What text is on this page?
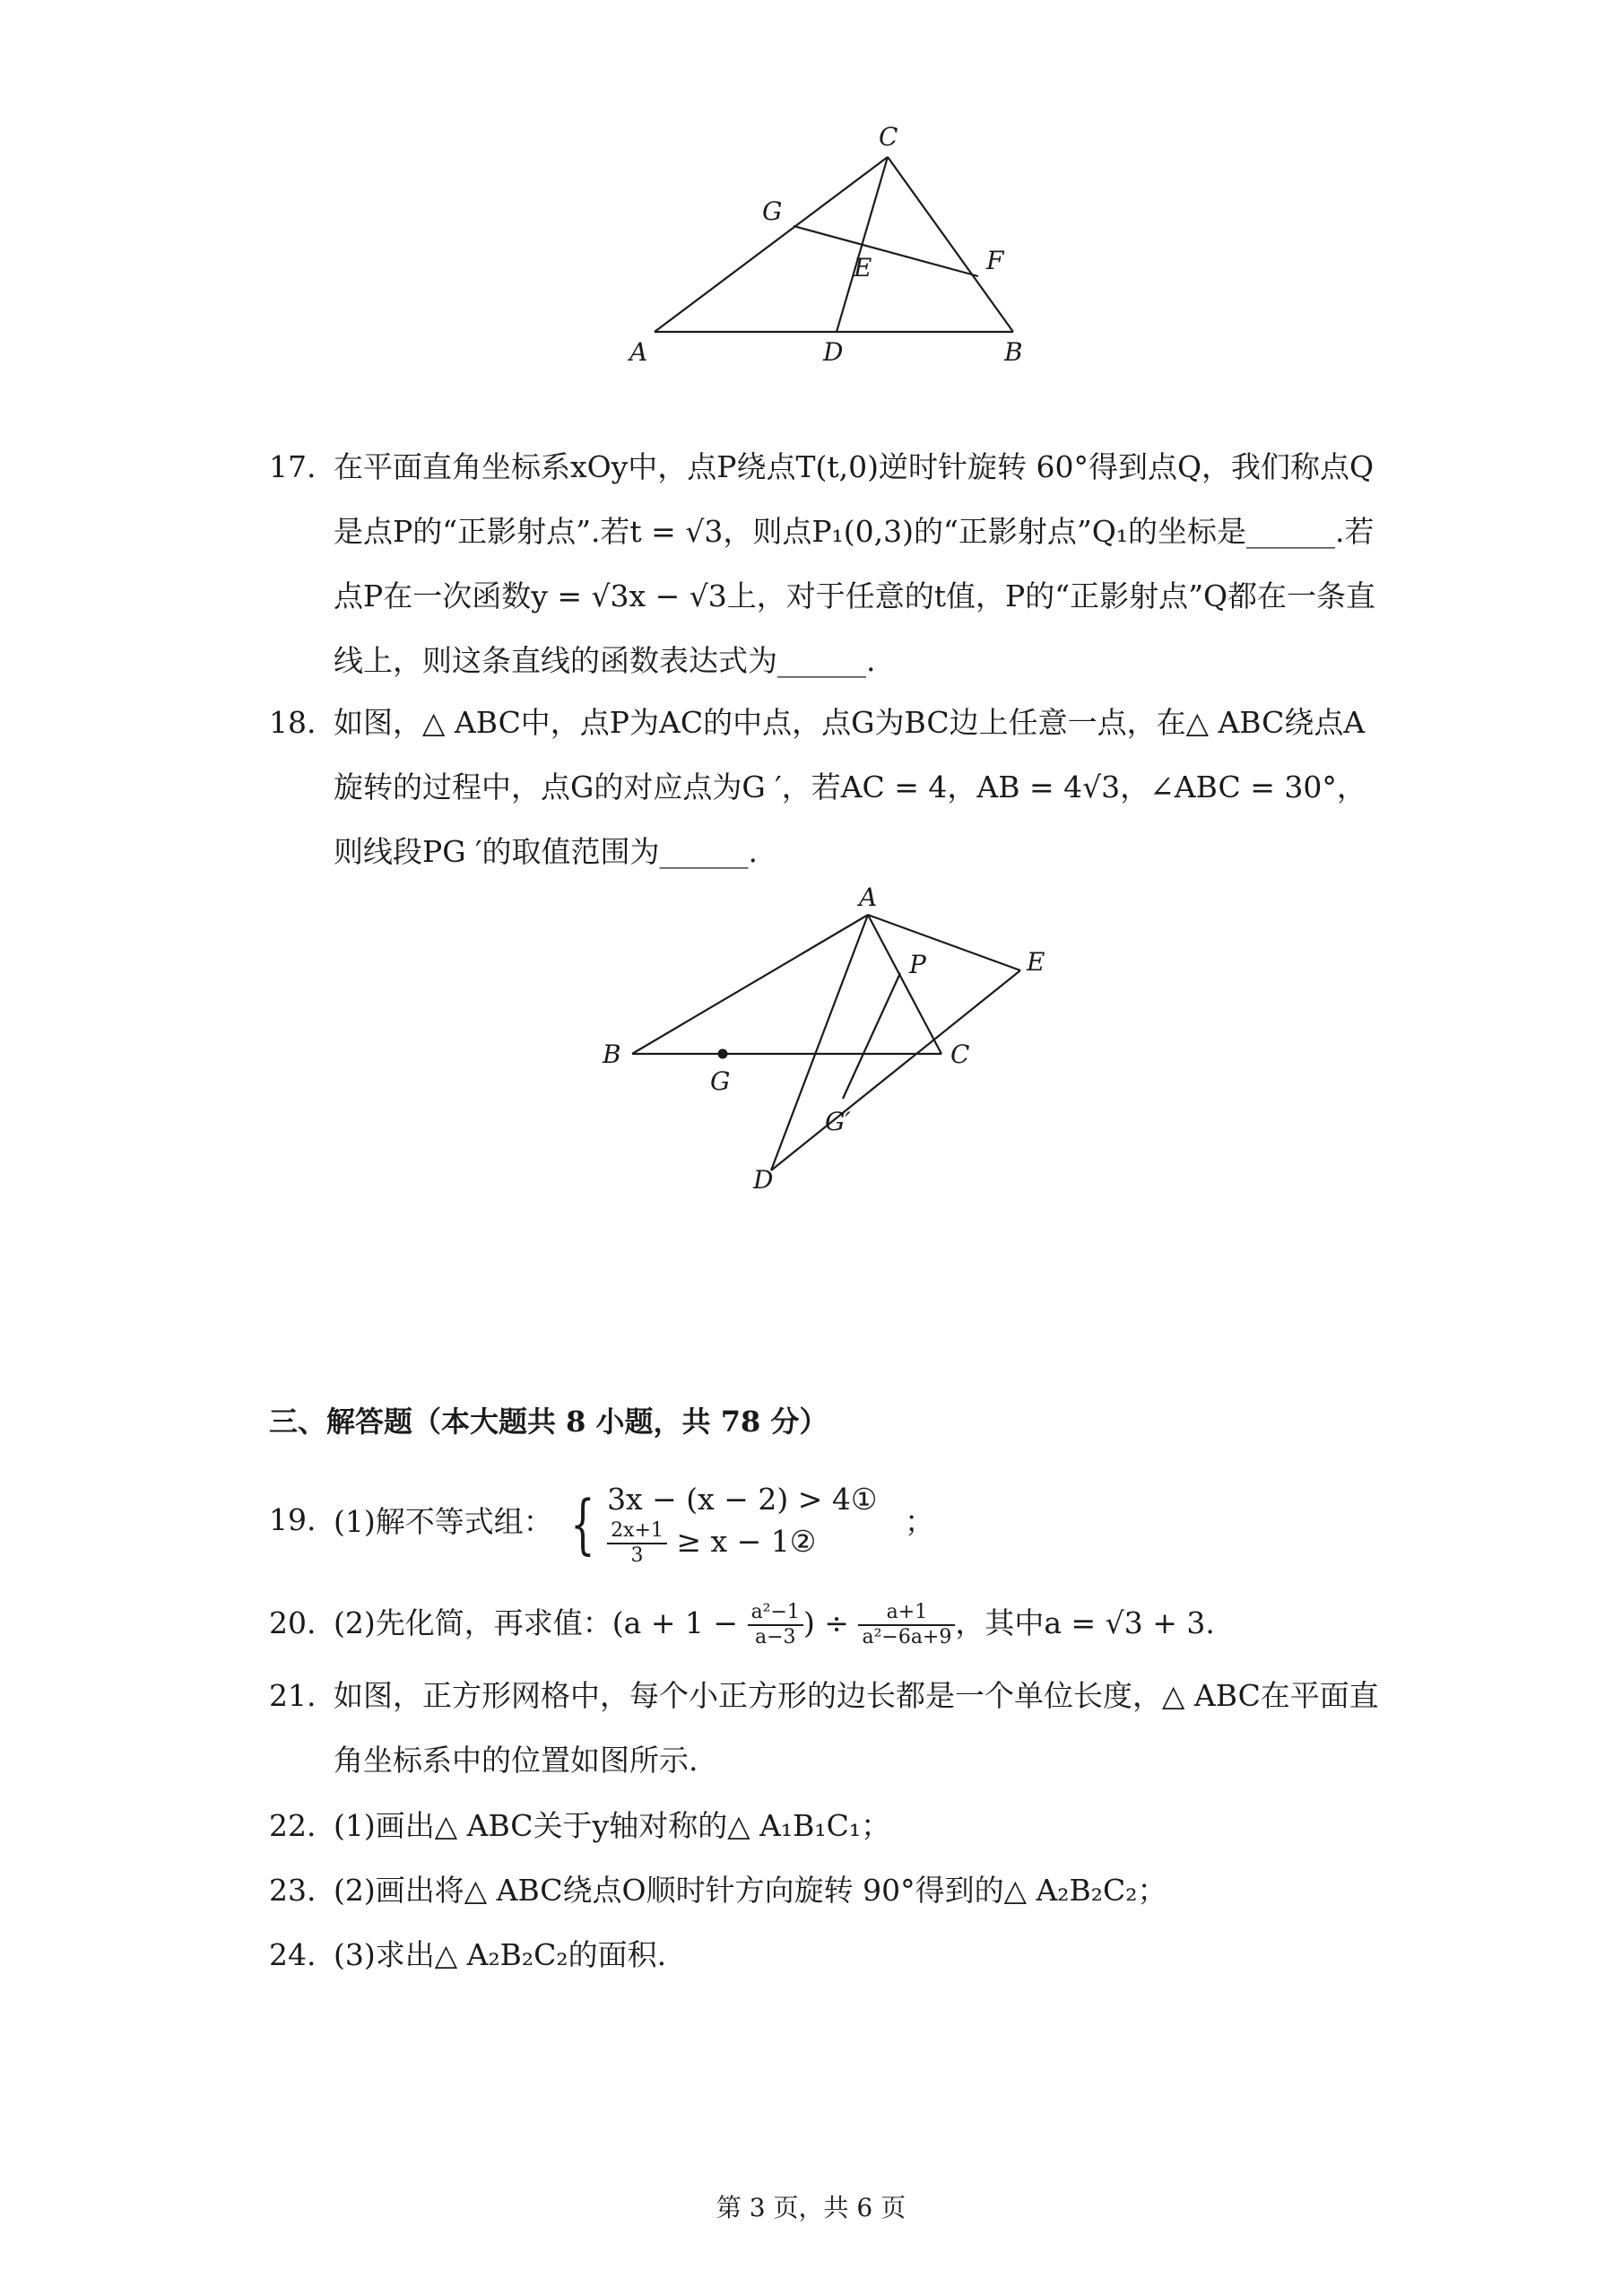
A	B
C
D
E	F
G
17. 在平面直角坐标系xOy中，点P绕点T(t,0)逆时针旋转 60°得到点Q，我们称点Q是点P的“正影射点”.若t = √3，则点P₁(0,3)的“正影射点”Q₁的坐标是______.若点P在一次函数y = √3x − √3上，对于任意的t值，P的“正影射点”Q都在一条直线上，则这条直线的函数表达式为______.
18. 如图，△ ABC中，点P为AC的中点，点G为BC边上任意一点，在△ ABC绕点A旋转的过程中，点G的对应点为G ′，若AC = 4，AB = 4√3，∠ABC = 30°，则线段PG ′的取值范围为______.
A
B	C
D
E
P
G
G′
三、解答题（本大题共 8 小题，共 78 分）
19. (1)解不等式组： { 3x − (x − 2) > 4①
$\frac{2x+1}{3} \ge x$ − 1②
；
20. (2)先化简，再求值：($a + 1 - \frac{\text{a²−1}}{a-3}$ ) ÷ $\frac{a+1}{\text{a²−6a+9}}$ ，其中a = √3 + 3.
21. 如图，正方形网格中，每个小正方形的边长都是一个单位长度，△ ABC在平面直角坐标系中的位置如图所示.
22. (1)画出△ ABC关于y轴对称的△ A₁B₁C₁；
23. (2)画出将△ ABC绕点O顺时针方向旋转 90°得到的△ A₂B₂C₂；
24. (3)求出△ A₂B₂C₂的面积.
第 3 页，共 6 页
